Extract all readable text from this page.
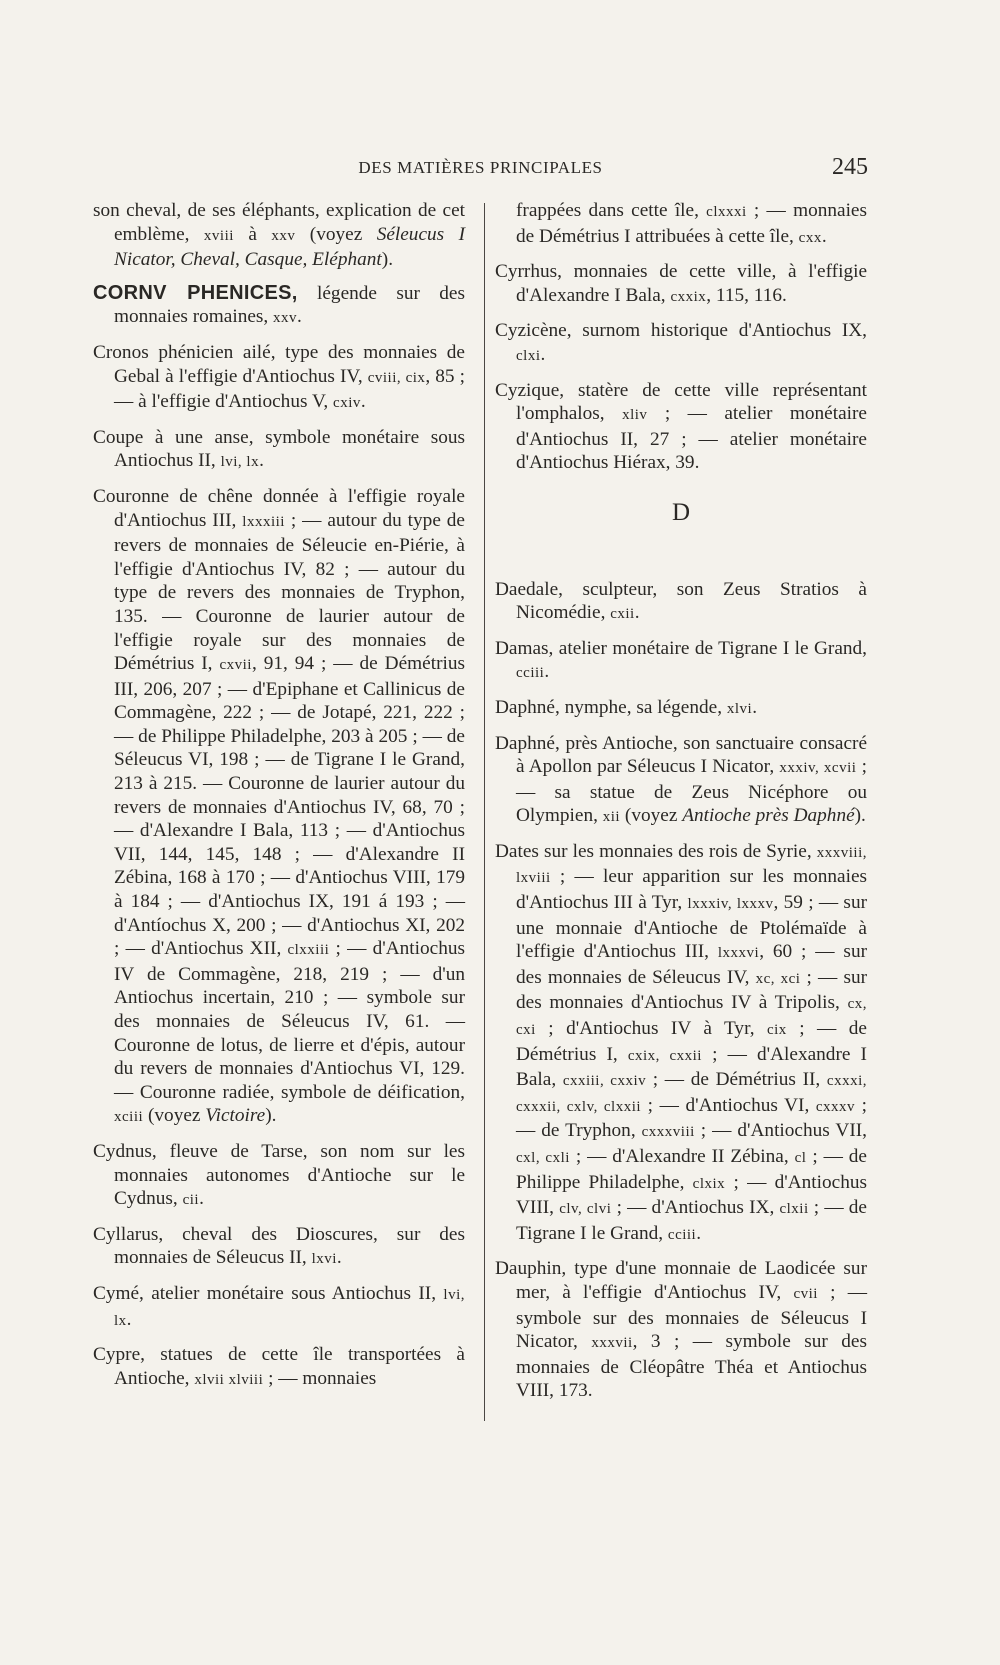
DES MATIÈRES PRINCIPALES	245
son cheval, de ses éléphants, explication de cet emblème, xviii à xxv (voyez Séleucus I Nicator, Cheval, Casque, Eléphant).
CORNV PHENICES, légende sur des monnaies romaines, xxv.
Cronos phénicien ailé, type des monnaies de Gebal à l'effigie d'Antiochus IV, cviii, cix, 85 ; — à l'effigie d'Antiochus V, cxiv.
Coupe à une anse, symbole monétaire sous Antiochus II, lvi, lx.
Couronne de chêne donnée à l'effigie royale d'Antiochus III, lxxxiii ; — autour du type de revers de monnaies de Séleucie en-Piérie, à l'effigie d'Antiochus IV, 82 ; — autour du type de revers des monnaies de Tryphon, 135. — Couronne de laurier autour de l'effigie royale sur des monnaies de Démétrius I, cxvii, 91, 94 ; — de Démétrius III, 206, 207 ; — d'Epiphane et Callinicus de Commagène, 222 ; — de Jotapé, 221, 222 ; — de Philippe Philadelphe, 203 à 205 ; — de Séleucus VI, 198 ; — de Tigrane I le Grand, 213 à 215. — Couronne de laurier autour du revers de monnaies d'Antiochus IV, 68, 70 ; — d'Alexandre I Bala, 113 ; — d'Antiochus VII, 144, 145, 148 ; — d'Alexandre II Zébina, 168 à 170 ; — d'Antiochus VIII, 179 à 184 ; — d'Antiochus IX, 191 á 193 ; — d'Antíochus X, 200 ; — d'Antiochus XI, 202 ; — d'Antiochus XII, clxxiii ; — d'Antiochus IV de Commagène, 218, 219 ; — d'un Antiochus incertain, 210 ; — symbole sur des monnaies de Séleucus IV, 61. — Couronne de lotus, de lierre et d'épis, autour du revers de monnaies d'Antiochus VI, 129. — Couronne radiée, symbole de déification, xciii (voyez Victoire).
Cydnus, fleuve de Tarse, son nom sur les monnaies autonomes d'Antioche sur le Cydnus, cii.
Cyllarus, cheval des Dioscures, sur des monnaies de Séleucus II, lxvi.
Cymé, atelier monétaire sous Antiochus II, lvi, lx.
Cypre, statues de cette île transportées à Antioche, xlvii xlviii ; — monnaies
frappées dans cette île, clxxxi ; — monnaies de Démétrius I attribuées à cette île, cxx.
Cyrrhus, monnaies de cette ville, à l'effigie d'Alexandre I Bala, cxxix, 115, 116.
Cyzicène, surnom historique d'Antiochus IX, clxi.
Cyzique, statère de cette ville représentant l'omphalos, xliv ; — atelier monétaire d'Antiochus II, 27 ; — atelier monétaire d'Antiochus Hiérax, 39.
D
Daedale, sculpteur, son Zeus Stratios à Nicomédie, cxii.
Damas, atelier monétaire de Tigrane I le Grand, cciii.
Daphné, nymphe, sa légende, xlvi.
Daphné, près Antioche, son sanctuaire consacré à Apollon par Séleucus I Nicator, xxxiv, xcvii ; — sa statue de Zeus Nicéphore ou Olympien, xii (voyez Antioche près Daphné).
Dates sur les monnaies des rois de Syrie, xxxviii, lxviii ; — leur apparition sur les monnaies d'Antiochus III à Tyr, lxxxiv, lxxxv, 59 ; — sur une monnaie d'Antioche de Ptolémaïde à l'effigie d'Antiochus III, lxxxvi, 60 ; — sur des monnaies de Séleucus IV, xc, xci ; — sur des monnaies d'Antiochus IV à Tripolis, cx, cxi ; d'Antiochus IV à Tyr, cix ; — de Démétrius I, cxix, cxxii ; — d'Alexandre I Bala, cxxiii, cxxiv ; — de Démétrius II, cxxxi, cxxxii, cxlv, clxxii ; — d'Antiochus VI, cxxxv ; — de Tryphon, cxxxviii ; — d'Antiochus VII, cxl, cxli ; — d'Alexandre II Zébina, cl ; — de Philippe Philadelphe, clxix ; — d'Antiochus VIII, clv, clvi ; — d'Antiochus IX, clxii ; — de Tigrane I le Grand, cciii.
Dauphin, type d'une monnaie de Laodicée sur mer, à l'effigie d'Antiochus IV, cvii ; — symbole sur des monnaies de Séleucus I Nicator, xxxvii, 3 ; — symbole sur des monnaies de Cléopâtre Théa et Antiochus VIII, 173.
